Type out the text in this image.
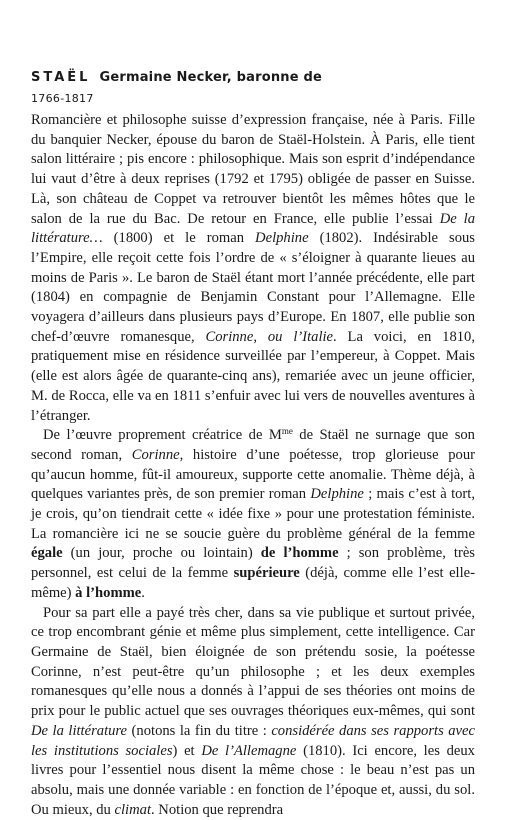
STAËL Germaine Necker, baronne de
1766-1817

Romancière et philosophe suisse d’expression française, née à Paris. Fille du banquier Necker, épouse du baron de Staël-Holstein. À Paris, elle tient salon littéraire ; pis encore : philosophique. Mais son esprit d’indépendance lui vaut d’être à deux reprises (1792 et 1795) obligée de passer en Suisse. Là, son château de Coppet va retrouver bientôt les mêmes hôtes que le salon de la rue du Bac. De retour en France, elle publie l’essai De la littérature… (1800) et le roman Delphine (1802). Indésirable sous l’Empire, elle reçoit cette fois l’ordre de « s’éloigner à quarante lieues au moins de Paris ». Le baron de Staël étant mort l’année précédente, elle part (1804) en compagnie de Benjamin Constant pour l’Allemagne. Elle voyagera d’ailleurs dans plusieurs pays d’Europe. En 1807, elle publie son chef-d’œuvre romanesque, Corinne, ou l’Italie. La voici, en 1810, pratiquement mise en résidence surveillée par l’empereur, à Coppet. Mais (elle est alors âgée de quarante-cinq ans), remariée avec un jeune officier, M. de Rocca, elle va en 1811 s’enfuir avec lui vers de nouvelles aventures à l’étranger.

De l’œuvre proprement créatrice de $M^{me}$ de Staël ne surnage que son second roman, Corinne, histoire d’une poétesse, trop glorieuse pour qu’aucun homme, fût-il amoureux, supporte cette anomalie. Thème déjà, à quelques variantes près, de son premier roman Delphine ; mais c’est à tort, je crois, qu’on tiendrait cette « idée fixe » pour une protestation féministe. La romancière ici ne se soucie guère du problème général de la femme égale (un jour, proche ou lointain) de l’homme ; son problème, très personnel, est celui de la femme supérieure (déjà, comme elle l’est elle-même) à l’homme.

Pour sa part elle a payé très cher, dans sa vie publique et surtout privée, ce trop encombrant génie et même plus simplement, cette intelligence. Car Germaine de Staël, bien éloignée de son prétendu sosie, la poétesse Corinne, n’est peut-être qu’un philosophe ; et les deux exemples romanesques qu’elle nous a donnés à l’appui de ses théories ont moins de prix pour le public actuel que ses ouvrages théoriques eux-mêmes, qui sont De la littérature (notons la fin du titre : considérée dans ses rapports avec les institutions sociales) et De l’Allemagne (1810). Ici encore, les deux livres pour l’essentiel nous disent la même chose : le beau n’est pas un absolu, mais une donnée variable : en fonction de l’époque et, aussi, du sol. Ou mieux, du climat. Notion que reprendra
